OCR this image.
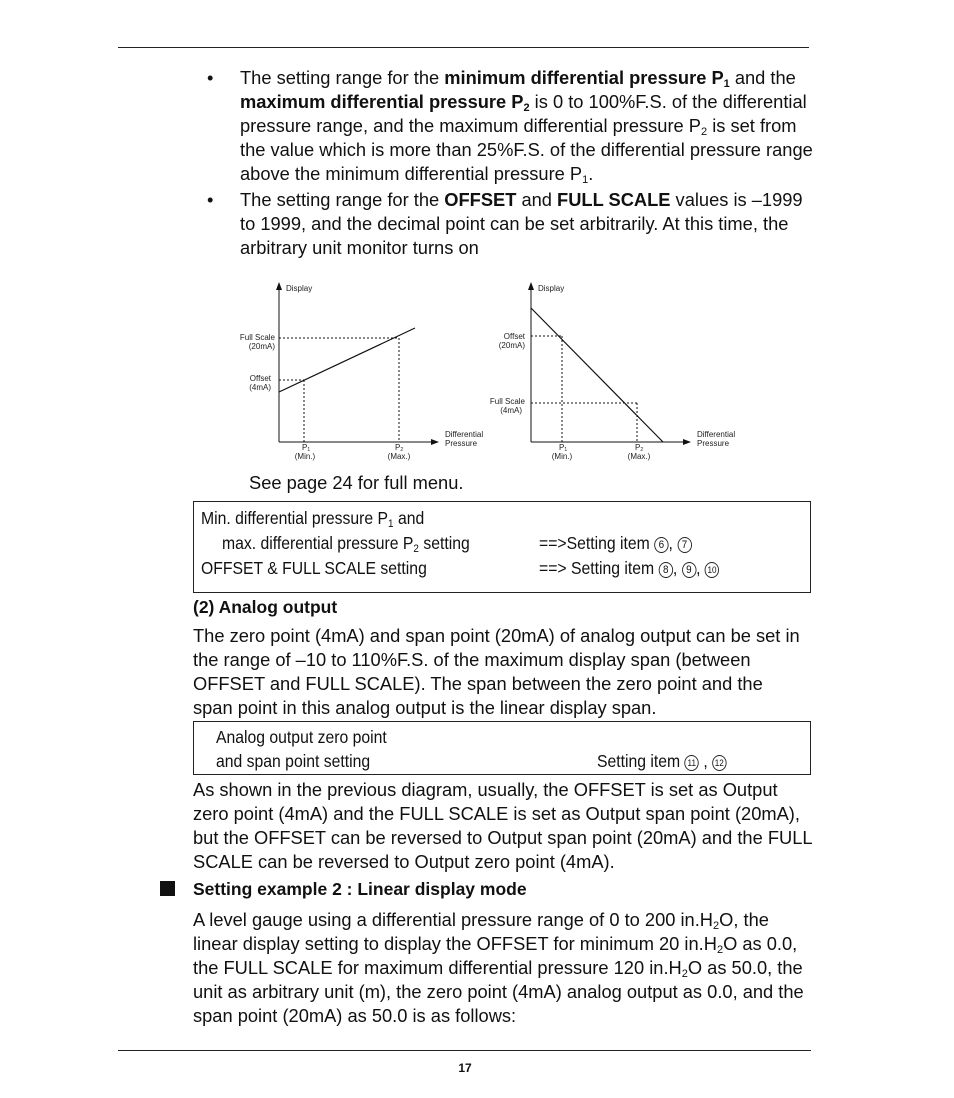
•	The setting range for the minimum differential pressure $P_1$ and the maximum differential pressure $P_2$ is 0 to 100%F.S. of the differential pressure range, and the maximum differential pressure $P_2$ is set from the value which is more than 25%F.S. of the differential pressure range above the minimum differential pressure $P_1$.
•	The setting range for the OFFSET and FULL SCALE values is –1999 to 1999, and the decimal point can be set arbitrarily. At this time, the arbitrary unit monitor turns on
Display
Full Scale
(20mA)
Offset
(4mA)
Differential
Pressure
P1
(Min.)
P2
(Max.)
Display
Offset
(20mA)
Full Scale
(4mA)
Differential
Pressure
P1
(Min.)
P2
(Max.)
See page 24 for full menu.
Min. differential pressure $P_1$ and
max. differential pressure $P_2$ setting	==>Setting item 6 , 7
OFFSET & FULL SCALE setting	==> Setting item 8 , 9 , 10
(2) Analog output
The zero point (4mA) and span point (20mA) of analog output can be set in the range of –10 to 110%F.S. of the maximum display span (between OFFSET and FULL SCALE). The span between the zero point and the span point in this analog output is the linear display span.
Analog output zero point
and span point setting	Setting item 11 , 12
As shown in the previous diagram, usually, the OFFSET is set as Output zero point (4mA) and the FULL SCALE is set as Output span point (20mA), but the OFFSET can be reversed to Output span point (20mA) and the FULL SCALE can be reversed to Output zero point (4mA).
Setting example 2 : Linear display mode
A level gauge using a differential pressure range of 0 to 200 $in.H_2O$, the linear display setting to display the OFFSET for minimum 20 $in.H_2O$ as 0.0, the FULL SCALE for maximum differential pressure 120 $in.H_2O$ as 50.0, the unit as arbitrary unit (m), the zero point (4mA) analog output as 0.0, and the span point (20mA) as 50.0 is as follows:
17
